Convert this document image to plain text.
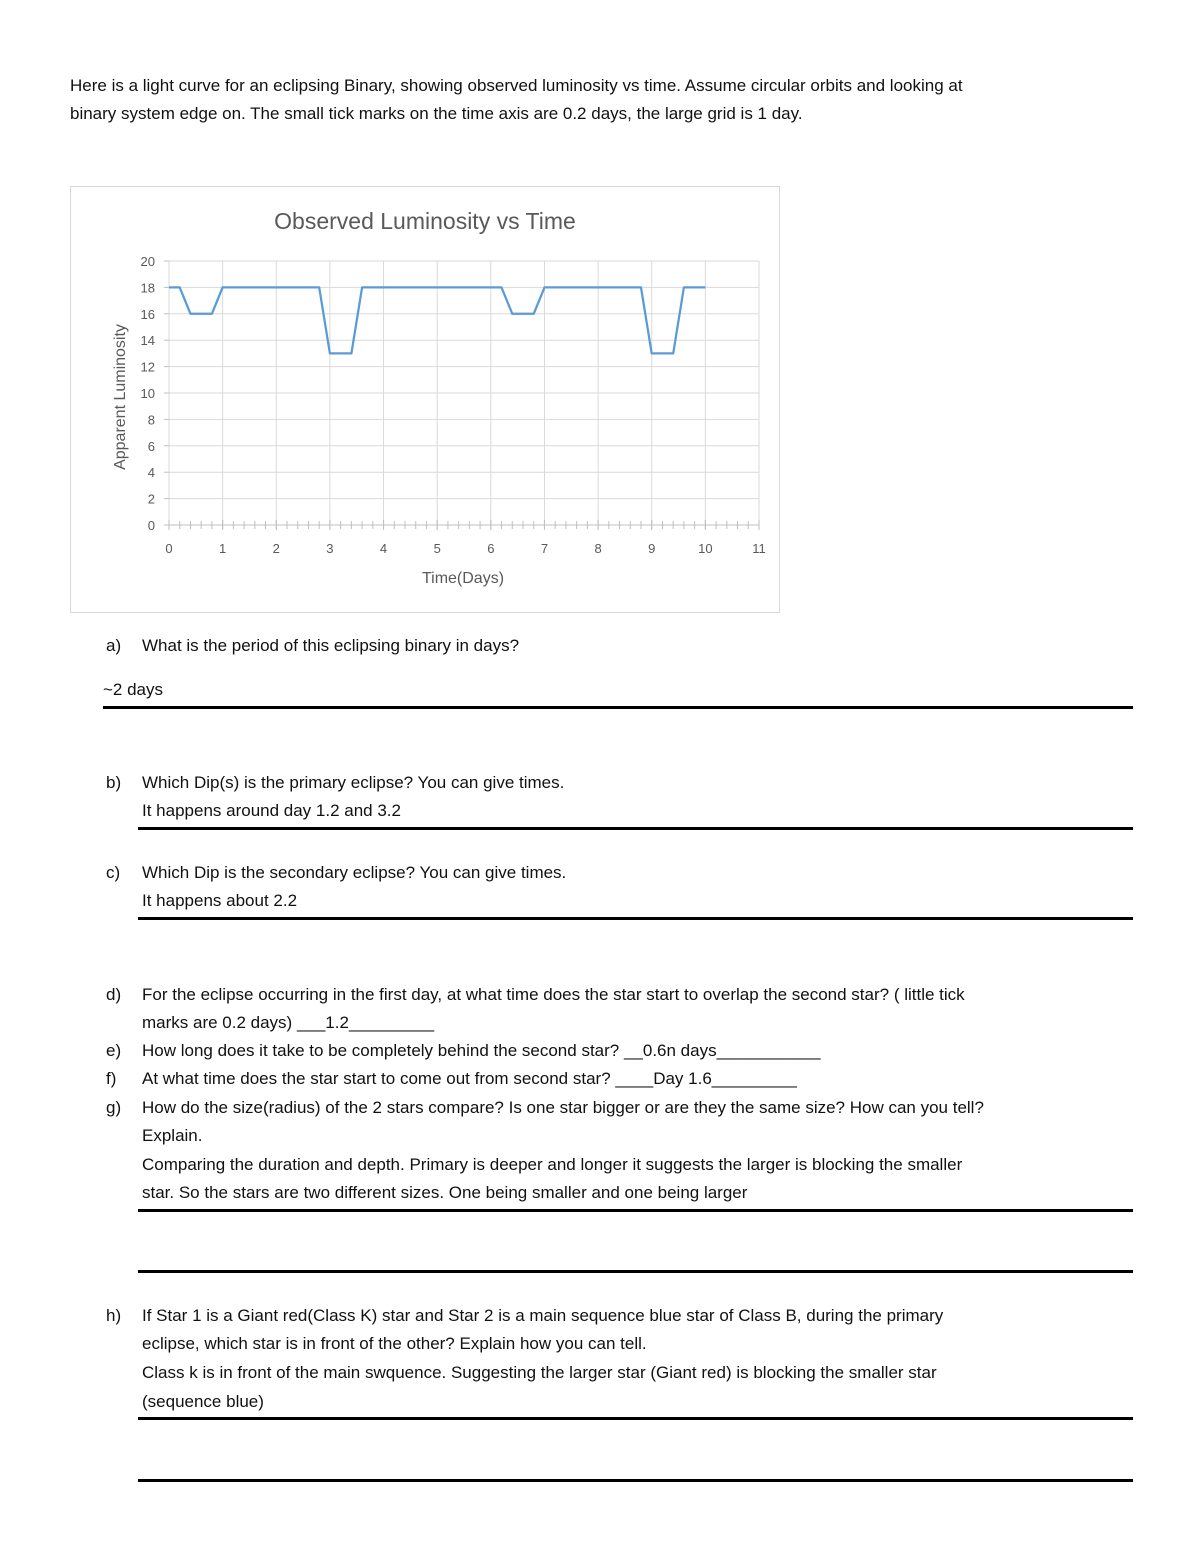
Here is a light curve for an eclipsing Binary, showing observed luminosity vs time. Assume circular orbits and looking at
binary system edge on. The small tick marks on the time axis are 0.2 days, the large grid is 1 day.
Observed Luminosity vs Time
0
2
4
6
8
10
12
14
16
18
20
0	1	2	3	4	5	6	7	8	9	10	11
Time(Days)
Apparent Luminosity
a) What is the period of this eclipsing binary in days?
~2 days
b) Which Dip(s) is the primary eclipse? You can give times.
It happens around day 1.2 and 3.2
c) Which Dip is the secondary eclipse? You can give times.
It happens about 2.2
d) For the eclipse occurring in the first day, at what time does the star start to overlap the second star? ( little tick
marks are 0.2 days) ___1.2_________
e) How long does it take to be completely behind the second star? __0.6n days___________
f) At what time does the star start to come out from second star? ____Day 1.6_________
g) How do the size(radius) of the 2 stars compare? Is one star bigger or are they the same size? How can you tell?
Explain.
Comparing the duration and depth. Primary is deeper and longer it suggests the larger is blocking the smaller
star. So the stars are two different sizes. One being smaller and one being larger
h) If Star 1 is a Giant red(Class K) star and Star 2 is a main sequence blue star of Class B, during the primary
eclipse, which star is in front of the other? Explain how you can tell.
Class k is in front of the main swquence. Suggesting the larger star (Giant red) is blocking the smaller star
(sequence blue)
